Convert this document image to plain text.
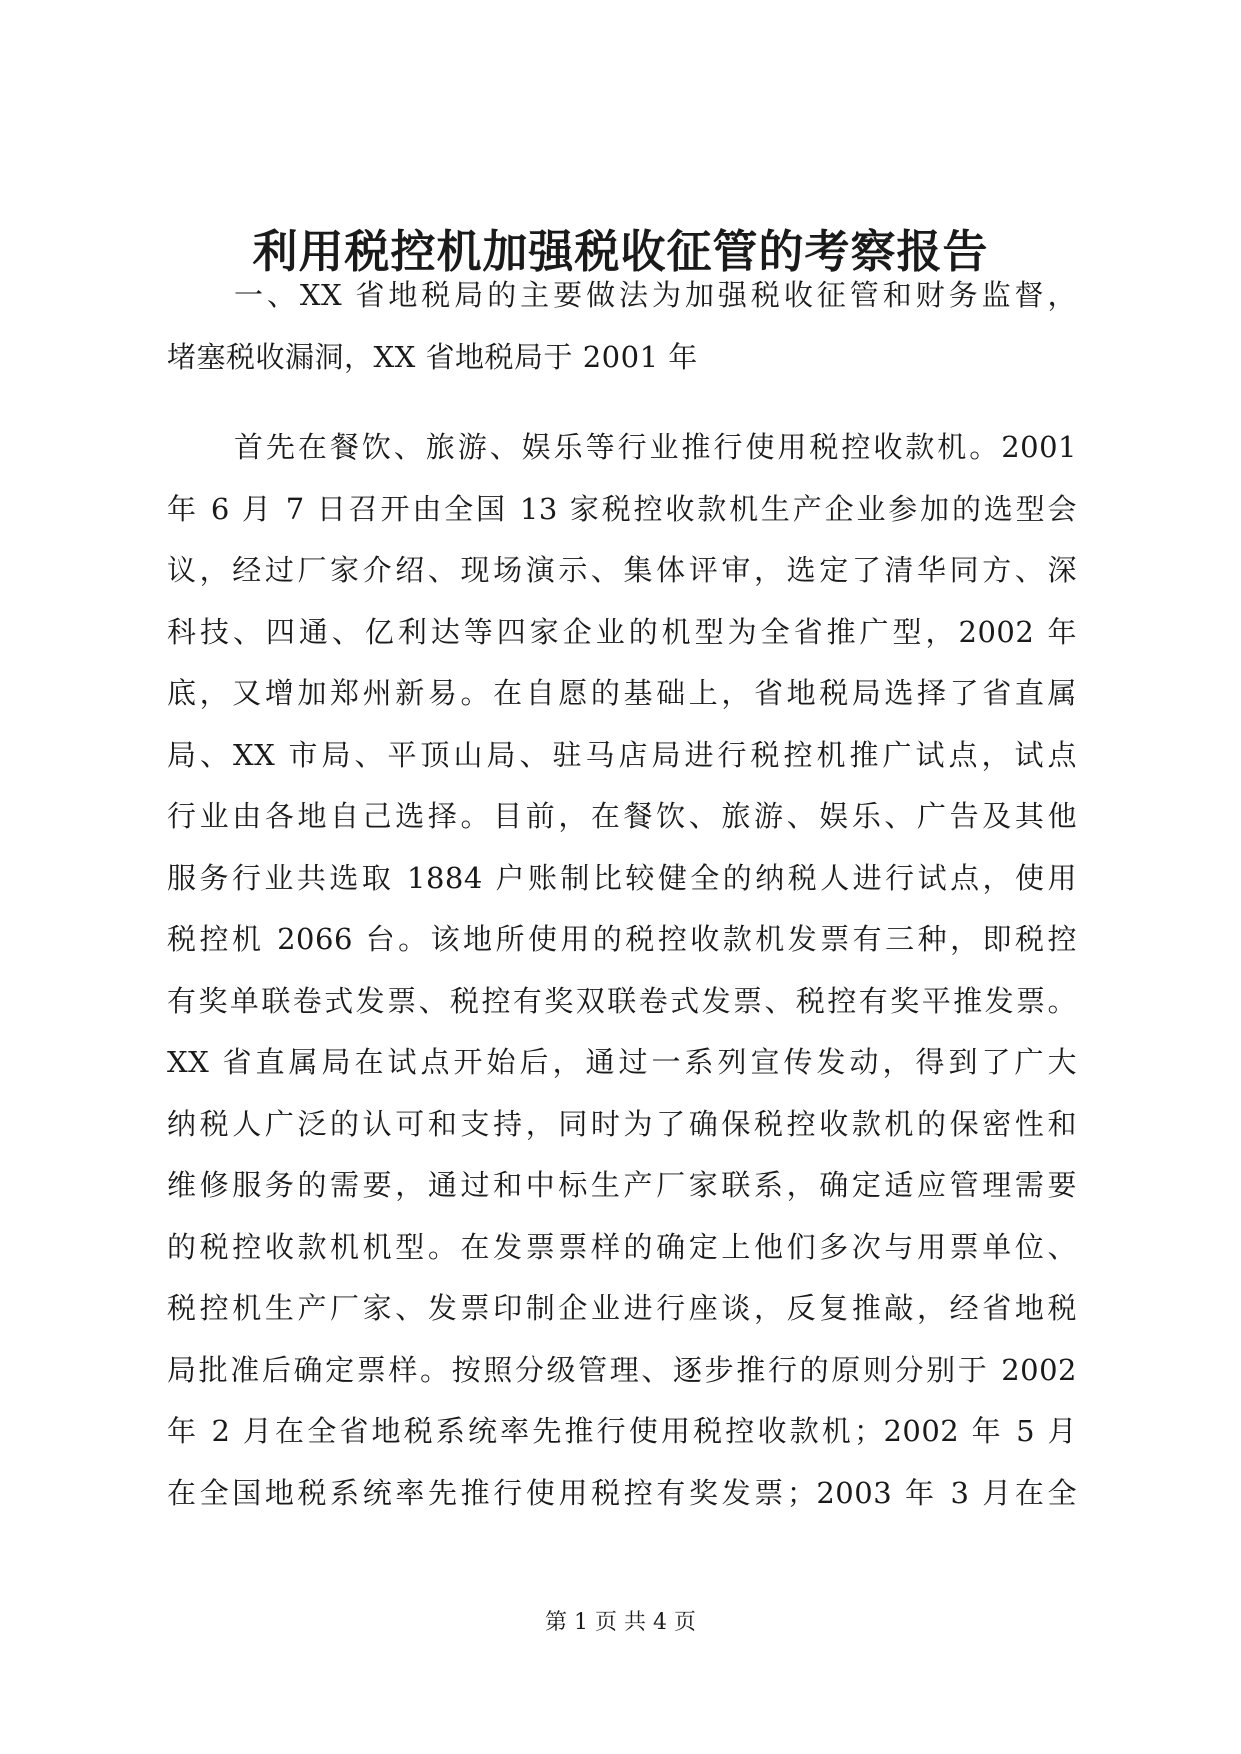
利用税控机加强税收征管的考察报告
一、XX 省地税局的主要做法为加强税收征管和财务监督，
堵塞税收漏洞，XX 省地税局于 2001 年
首先在餐饮、旅游、娱乐等行业推行使用税控收款机。2001
年 6 月 7 日召开由全国 13 家税控收款机生产企业参加的选型会
议，经过厂家介绍、现场演示、集体评审，选定了清华同方、深
科技、四通、亿利达等四家企业的机型为全省推广型，2002 年
底，又增加郑州新易。在自愿的基础上，省地税局选择了省直属
局、XX 市局、平顶山局、驻马店局进行税控机推广试点，试点
行业由各地自己选择。目前，在餐饮、旅游、娱乐、广告及其他
服务行业共选取 1884 户账制比较健全的纳税人进行试点，使用
税控机 2066 台。该地所使用的税控收款机发票有三种，即税控
有奖单联卷式发票、税控有奖双联卷式发票、税控有奖平推发票。
XX 省直属局在试点开始后，通过一系列宣传发动，得到了广大
纳税人广泛的认可和支持，同时为了确保税控收款机的保密性和
维修服务的需要，通过和中标生产厂家联系，确定适应管理需要
的税控收款机机型。在发票票样的确定上他们多次与用票单位、
税控机生产厂家、发票印制企业进行座谈，反复推敲，经省地税
局批准后确定票样。按照分级管理、逐步推行的原则分别于 2002
年 2 月在全省地税系统率先推行使用税控收款机；2002 年 5 月
在全国地税系统率先推行使用税控有奖发票；2003 年 3 月在全
第 1 页 共 4 页
